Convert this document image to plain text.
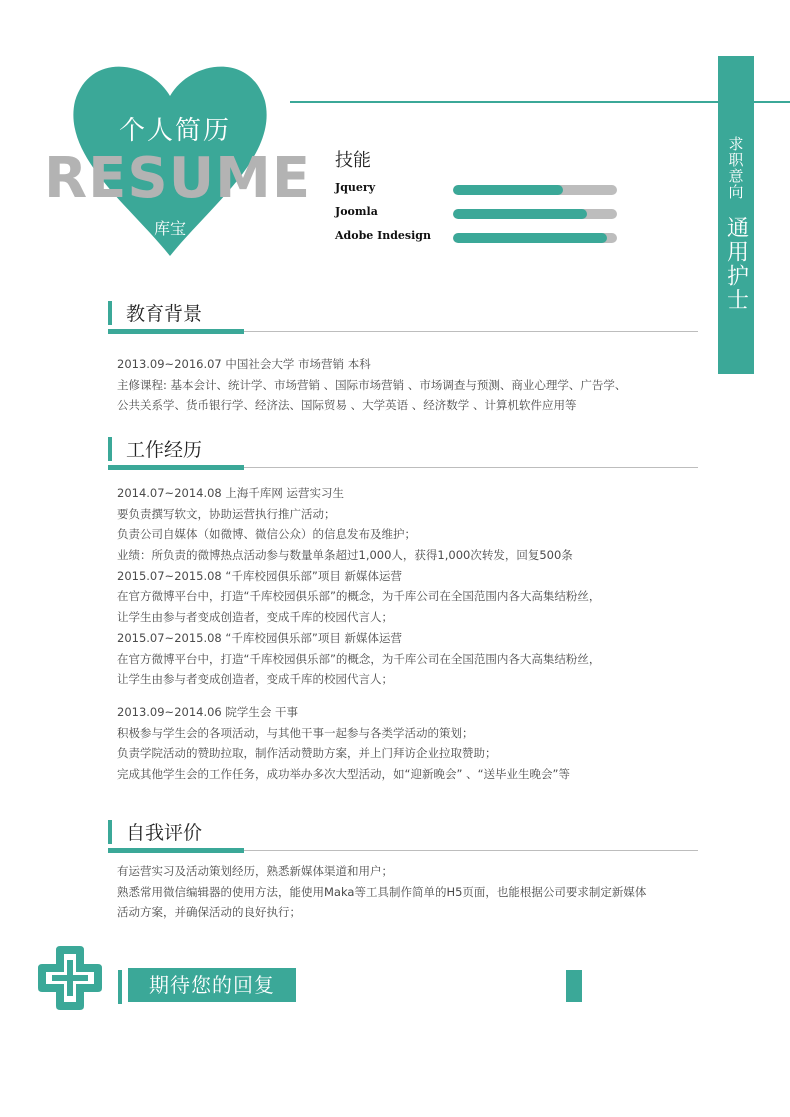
个人简历
RESUME
库宝
求职意向
通用护士
技能
Jquery
Joomla
Adobe Indesign
教育背景

2013.09~2016.07 中国社会大学 市场营销 本科

主修课程: 基本会计、统计学、市场营销 、国际市场营销 、市场调查与预测、商业心理学、广告学、

公共关系学、货币银行学、经济法、国际贸易 、大学英语 、经济数学 、计算机软件应用等

工作经历

2014.07~2014.08 上海千库网 运营实习生

要负责撰写软文，协助运营执行推广活动；

负责公司自媒体（如微博、微信公众）的信息发布及维护；

业绩：所负责的微博热点活动参与数量单条超过1,000人，获得1,000次转发，回复500条

2015.07~2015.08 “千库校园俱乐部”项目 新媒体运营

在官方微博平台中，打造“千库校园俱乐部”的概念，为千库公司在全国范围内各大高集结粉丝，

让学生由参与者变成创造者，变成千库的校园代言人；

2015.07~2015.08 “千库校园俱乐部”项目 新媒体运营

在官方微博平台中，打造“千库校园俱乐部”的概念，为千库公司在全国范围内各大高集结粉丝，

让学生由参与者变成创造者，变成千库的校园代言人；

2013.09~2014.06 院学生会 干事

积极参与学生会的各项活动，与其他干事一起参与各类学活动的策划；

负责学院活动的赞助拉取，制作活动赞助方案，并上门拜访企业拉取赞助；

完成其他学生会的工作任务，成功举办多次大型活动，如“迎新晚会” 、“送毕业生晚会”等

自我评价

有运营实习及活动策划经历，熟悉新媒体渠道和用户；

熟悉常用微信编辑器的使用方法，能使用Maka等工具制作简单的H5页面，也能根据公司要求制定新媒体

活动方案，并确保活动的良好执行；

期待您的回复
